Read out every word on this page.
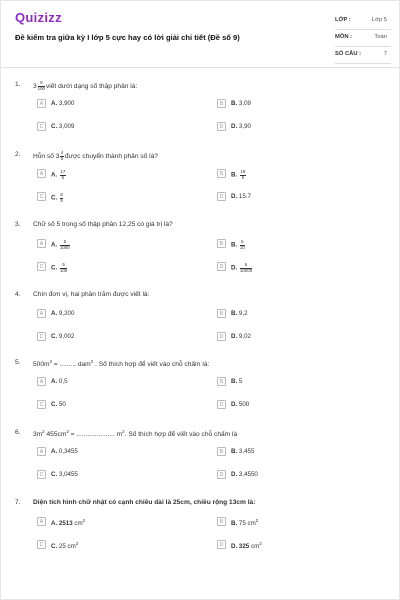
Quizizz
Đề kiểm tra giữa kỳ I lớp 5 cực hay có lời giải chi tiết (Đề số 9)
LỚP :	Lớp 5
MÔN :	Toán
SỐ CÂU :	7
1. $3 \frac{9}{100}$ viết dưới dạng số thập phân là:
A	A. 3,900	B	B. 3,09
C	C. 3,009	D	D. 3,90
2. Hỗn số $3 \frac{4}{5}$ được chuyển thành phân số là?
A	A. $\frac{17}{5}$	B	B. $\frac{19}{5}$
C	C. $\frac{8}{5}$	D	D. 15.7
3. Chữ số 5 trong số thập phân 12,25 có giá trị là?
A	A. $\frac{5}{1000}$	B	B. $\frac{5}{10}$
C	C. $\frac{5}{100}$	D	D. $\frac{5}{10000}$
4. Chín đơn vị, hai phần trăm được viết là:
A	A. 9,200	B	B. 9,2
C	C. 9,002	D	D. 9,02
5. $500m^2$ = ......... dam$^2$ . Số thích hợp để viết vào chỗ chấm là:
A	A. 0,5	B	B. 5
C	C. 50	D	D. 500
6. $3m^2$ $455cm^2$ = ..................... $m^2$. Số thích hợp để viết vào chỗ chấm là
A	A. 0,3455	B	B. 3,455
C	C. 3,0455	D	D. 3,4550
7. Diện tích hình chữ nhật có cạnh chiều dài là 25cm, chiều rộng 13cm là:
A	A. 2513 $cm^2$	B	B. 75 $cm^2$
C	C. 25 $cm^2$	D	D. 325 $cm^2$
